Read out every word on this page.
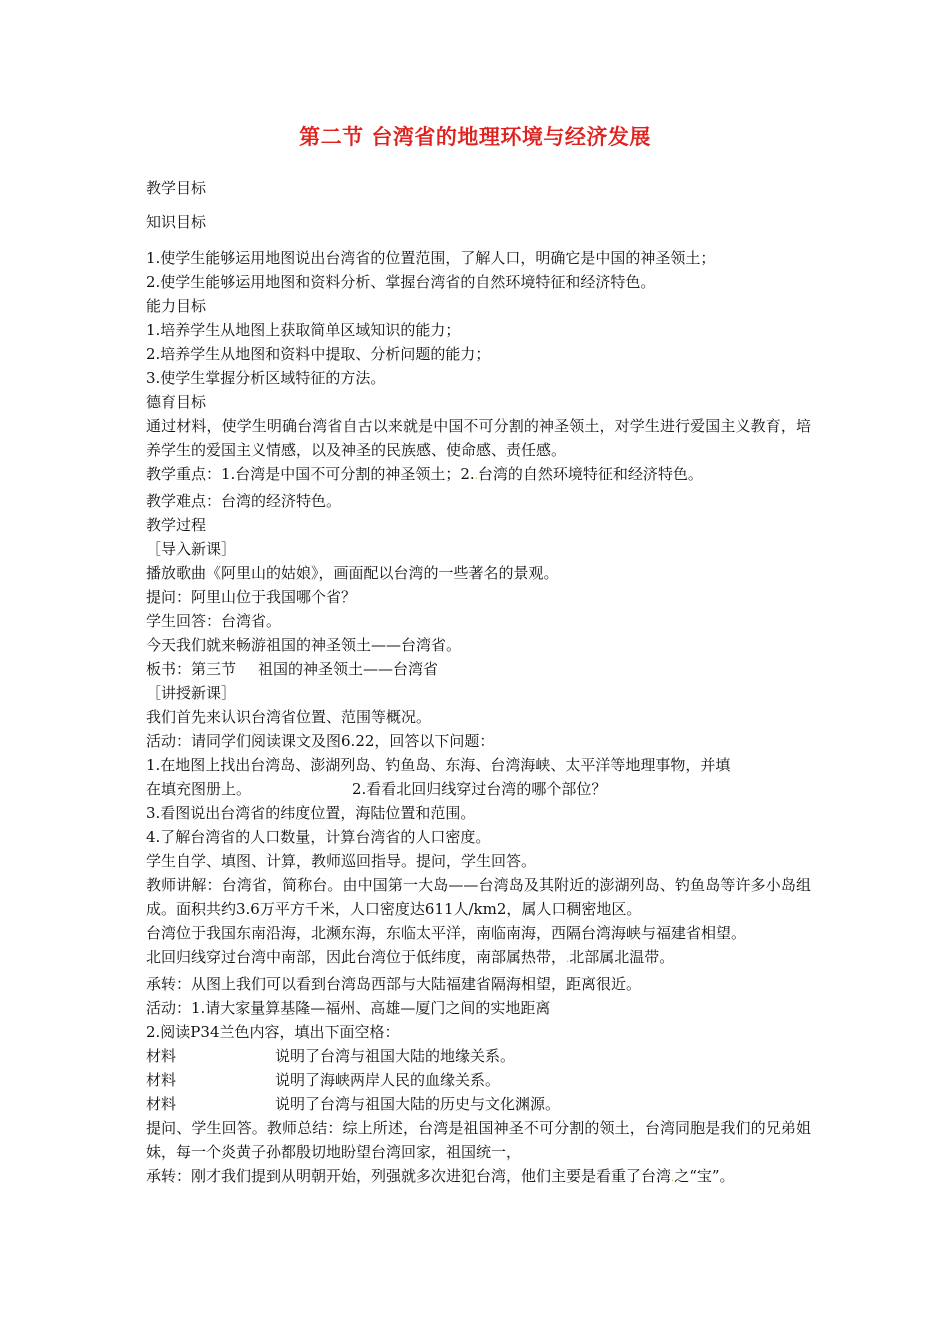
第二节 台湾省的地理环境与经济发展

教学目标

知识目标

1.使学生能够运用地图说出台湾省的位置范围，了解人口，明确它是中国的神圣领土；

2.使学生能够运用地图和资料分析、掌握台湾省的自然环境特征和经济特色。

能力目标

1.培养学生从地图上获取简单区域知识的能力；

2.培养学生从地图和资料中提取、分析问题的能力；

3.使学生掌握分析区域特征的方法。

德育目标

通过材料，使学生明确台湾省自古以来就是中国不可分割的神圣领土，对学生进行爱国主义教育，培养学生的爱国主义情感，以及神圣的民族感、使命感、责任感。

教学重点：1.台湾是中国不可分割的神圣领土；2..台湾的自然环境特征和经济特色。

教学难点：台湾的经济特色。

教学过程

［导入新课］

播放歌曲《阿里山的姑娘》，画面配以台湾的一些著名的景观。

提问：阿里山位于我国哪个省？

学生回答：台湾省。

今天我们就来畅游祖国的神圣领土——台湾省。

板书：第三节 祖国的神圣领土——台湾省

［讲授新课］

我们首先来认识台湾省位置、范围等概况。

活动：请同学们阅读课文及图6.22，回答以下问题：

1.在地图上找出台湾岛、澎湖列岛、钓鱼岛、东海、台湾海峡、太平洋等地理事物，并填

在填充图册上。	2.看看北回归线穿过台湾的哪个部位？

3.看图说出台湾省的纬度位置，海陆位置和范围。

4.了解台湾省的人口数量，计算台湾省的人口密度。

学生自学、填图、计算，教师巡回指导。提问，学生回答。

教师讲解：台湾省，简称台。由中国第一大岛——台湾岛及其附近的澎湖列岛、钓鱼岛等许多小岛组成。面积共约3.6万平方千米，人口密度达611人/km2，属人口稠密地区。

台湾位于我国东南沿海，北濒东海，东临太平洋，南临南海，西隔台湾海峡与福建省相望。

北回归线穿过台湾中南部，因此台湾位于低纬度，南部属热带，.北部属北温带。

承转：从图上我们可以看到台湾岛西部与大陆福建省隔海相望，距离很近。

活动：1.请大家量算基隆—福州、高雄—厦门之间的实地距离

2.阅读P34兰色内容，填出下面空格：

材料	说明了台湾与祖国大陆的地缘关系。

材料	说明了海峡两岸人民的血缘关系。

材料	说明了台湾与祖国大陆的历史与文化渊源。

提问、学生回答。教师总结：综上所述，台湾是祖国神圣不可分割的领土，台湾同胞是我们的兄弟姐妹，每一个炎黄子孙都殷切地盼望台湾回家，祖国统一，

承转：刚才我们提到从明朝开始，列强就多次进犯台湾，他们主要是看重了台湾.之“宝”。
